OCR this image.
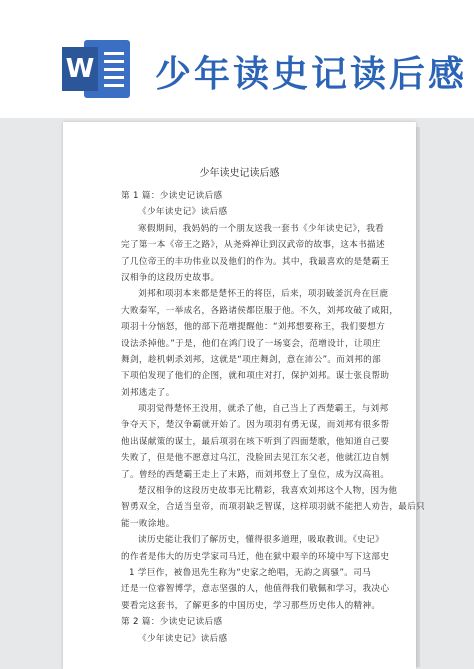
W 少年读史记读后感
少年读史记读后感
第 1 篇：少读史记读后感
《少年读史记》读后感
寒假期间，我妈妈的一个朋友送我一套书《少年读史记》，我看
完了第一本《帝王之路》，从尧舜禅让到汉武帝的故事，这本书描述
了几位帝王的丰功伟业以及他们的作为。其中，我最喜欢的是楚霸王
汉相争的这段历史故事。
刘邦和项羽本来都是楚怀王的将臣，后来，项羽破釜沉舟在巨鹿
大败秦军，一举成名，各路诸侯都臣服于他。不久，刘邦攻破了咸阳，
项羽十分恼怒，他的部下范增提醒他：“刘邦想要称王，我们要想方
设法杀掉他。”于是，他们在鸿门设了一场宴会，范增设计，让项庄
舞剑，趁机刺杀刘邦，这就是“项庄舞剑，意在沛公”。而刘邦的部
下项伯发现了他们的企图，就和项庄对打，保护刘邦。谋士张良帮助
刘邦逃走了。
项羽觉得楚怀王没用，就杀了他，自己当上了西楚霸王，与刘邦
争夺天下，楚汉争霸就开始了。因为项羽有勇无谋，而刘邦有很多帮
他出谋献策的谋士，最后项羽在垓下听到了四面楚歌，他知道自己要
失败了，但是他不愿意过乌江，没脸回去见江东父老，他就江边自刎
了。曾经的西楚霸王走上了末路，而刘邦登上了皇位，成为汉高祖。
楚汉相争的这段历史故事无比精彩，我喜欢刘邦这个人物，因为他
智勇双全，合适当皇帝，而项羽缺乏智谋，这样项羽就不能把人劝告，最后只
能一败涂地。
读历史能让我们了解历史，懂得很多道理，吸取教训。《史记》
的作者是伟大的历史学家司马迁，他在狱中艰辛的环境中写下这部史
1 学巨作，被鲁迅先生称为“史家之绝唱，无韵之离骚”。司马
迁是一位睿智博学，意志坚强的人，他值得我们敬佩和学习，我决心
要看完这套书，了解更多的中国历史，学习那些历史伟人的精神。
第 2 篇：少读史记读后感
《少年读史记》读后感
